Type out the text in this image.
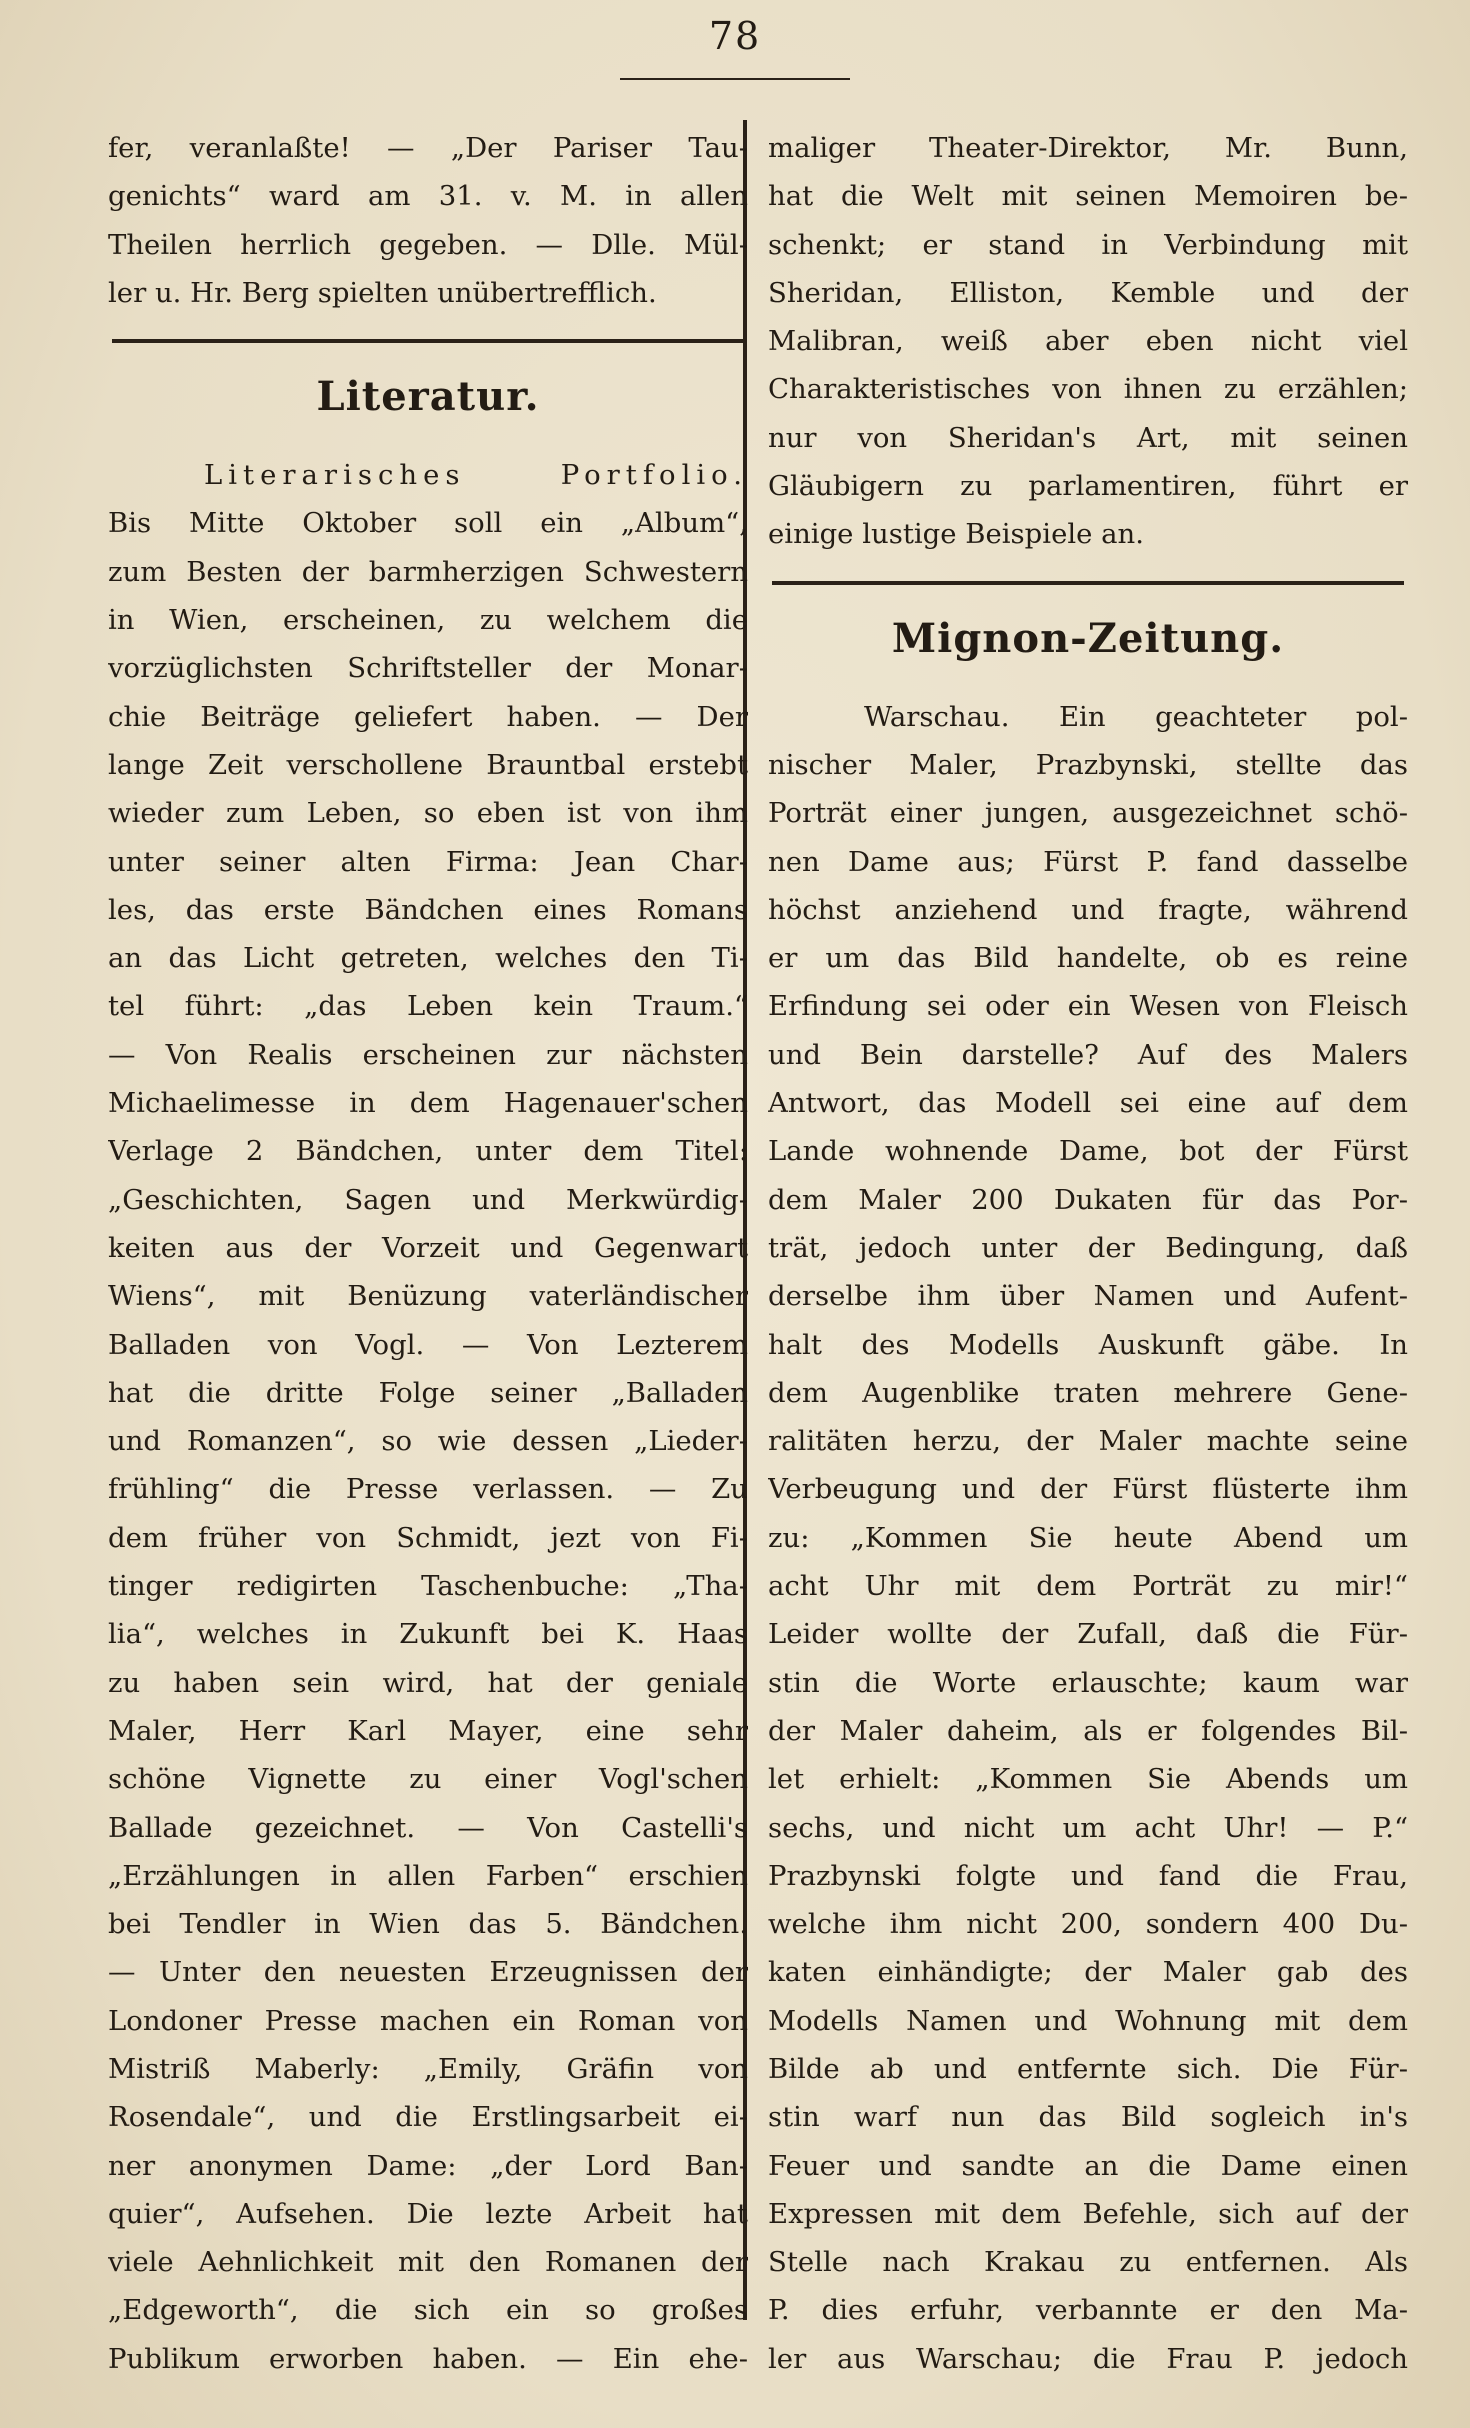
78

fer, veranlaßte! — „Der Pariser Tau-

genichts“ ward am 31. v. M. in allen

Theilen herrlich gegeben. — Dlle. Mül-

ler u. Hr. Berg spielten unübertrefflich.

Literatur.

Literarisches Portfolio.

Bis Mitte Oktober soll ein „Album“,

zum Besten der barmherzigen Schwestern

in Wien, erscheinen, zu welchem die

vorzüglichsten Schriftsteller der Monar-

chie Beiträge geliefert haben. — Der

lange Zeit verschollene Brauntbal erstebt

wieder zum Leben, so eben ist von ihm

unter seiner alten Firma: Jean Char-

les, das erste Bändchen eines Romans

an das Licht getreten, welches den Ti-

tel führt: „das Leben kein Traum.“

— Von Realis erscheinen zur nächsten

Michaelimesse in dem Hagenauer'schen

Verlage 2 Bändchen, unter dem Titel:

„Geschichten, Sagen und Merkwürdig-

keiten aus der Vorzeit und Gegenwart

Wiens“, mit Benüzung vaterländischer

Balladen von Vogl. — Von Lezterem

hat die dritte Folge seiner „Balladen

und Romanzen“, so wie dessen „Lieder-

frühling“ die Presse verlassen. — Zu

dem früher von Schmidt, jezt von Fi-

tinger redigirten Taschenbuche: „Tha-

lia“, welches in Zukunft bei K. Haas

zu haben sein wird, hat der geniale

Maler, Herr Karl Mayer, eine sehr

schöne Vignette zu einer Vogl'schen

Ballade gezeichnet. — Von Castelli's

„Erzählungen in allen Farben“ erschien

bei Tendler in Wien das 5. Bändchen.

— Unter den neuesten Erzeugnissen der

Londoner Presse machen ein Roman von

Mistriß Maberly: „Emily, Gräfin von

Rosendale“, und die Erstlingsarbeit ei-

ner anonymen Dame: „der Lord Ban-

quier“, Aufsehen. Die lezte Arbeit hat

viele Aehnlichkeit mit den Romanen der

„Edgeworth“, die sich ein so großes

Publikum erworben haben. — Ein ehe-

maliger Theater-Direktor, Mr. Bunn,

hat die Welt mit seinen Memoiren be-

schenkt; er stand in Verbindung mit

Sheridan, Elliston, Kemble und der

Malibran, weiß aber eben nicht viel

Charakteristisches von ihnen zu erzählen;

nur von Sheridan's Art, mit seinen

Gläubigern zu parlamentiren, führt er

einige lustige Beispiele an.

Mignon-Zeitung.

Warschau. Ein geachteter pol-

nischer Maler, Prazbynski, stellte das

Porträt einer jungen, ausgezeichnet schö-

nen Dame aus; Fürst P. fand dasselbe

höchst anziehend und fragte, während

er um das Bild handelte, ob es reine

Erfindung sei oder ein Wesen von Fleisch

und Bein darstelle? Auf des Malers

Antwort, das Modell sei eine auf dem

Lande wohnende Dame, bot der Fürst

dem Maler 200 Dukaten für das Por-

trät, jedoch unter der Bedingung, daß

derselbe ihm über Namen und Aufent-

halt des Modells Auskunft gäbe. In

dem Augenblike traten mehrere Gene-

ralitäten herzu, der Maler machte seine

Verbeugung und der Fürst flüsterte ihm

zu: „Kommen Sie heute Abend um

acht Uhr mit dem Porträt zu mir!“

Leider wollte der Zufall, daß die Für-

stin die Worte erlauschte; kaum war

der Maler daheim, als er folgendes Bil-

let erhielt: „Kommen Sie Abends um

sechs, und nicht um acht Uhr! — P.“

Prazbynski folgte und fand die Frau,

welche ihm nicht 200, sondern 400 Du-

katen einhändigte; der Maler gab des

Modells Namen und Wohnung mit dem

Bilde ab und entfernte sich. Die Für-

stin warf nun das Bild sogleich in's

Feuer und sandte an die Dame einen

Expressen mit dem Befehle, sich auf der

Stelle nach Krakau zu entfernen. Als

P. dies erfuhr, verbannte er den Ma-

ler aus Warschau; die Frau P. jedoch
